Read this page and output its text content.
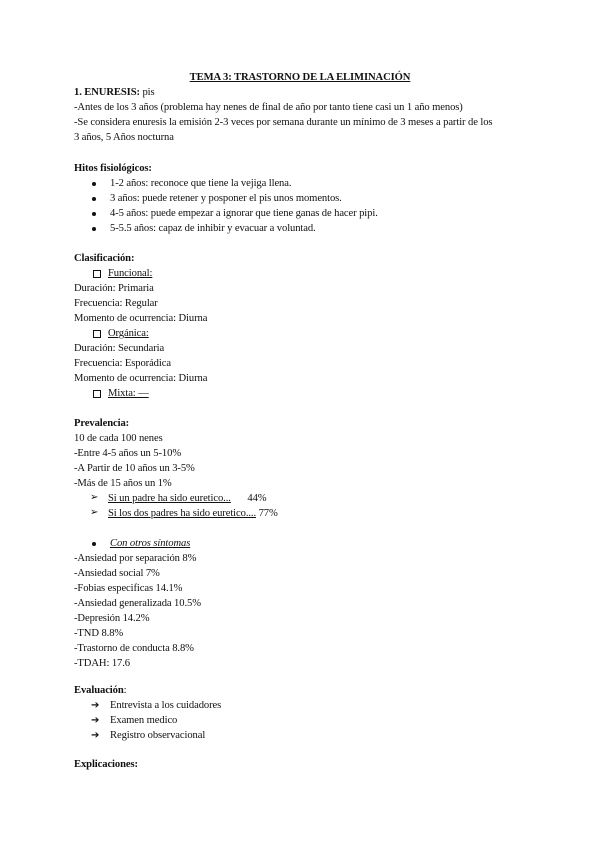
TEMA 3: TRASTORNO DE LA ELIMINACIÓN
1. ENURESIS: pis
-Antes de los 3 años (problema hay nenes de final de año por tanto tiene casi un 1 año menos)
-Se considera enuresis la emisión 2-3 veces por semana durante un mínimo de 3 meses a partir de los
3 años, 5 Años nocturna
Hitos fisiológicos:
1-2 años: reconoce que tiene la vejiga llena.
3 años: puede retener y posponer el pis unos momentos.
4-5 años: puede empezar a ignorar que tiene ganas de hacer pipi.
5-5.5 años: capaz de inhibir y evacuar a voluntad.
Clasificación:
Funcional:
Duración: Primaria
Frecuencia: Regular
Momento de ocurrencia: Diurna
Orgánica:
Duración: Secundaria
Frecuencia: Esporádica
Momento de ocurrencia: Diurna
Mixta: —
Prevalencia:
10 de cada 100 nenes
-Entre 4-5 años un 5-10%
-A Partir de 10 años un 3-5%
-Más de 15 años un 1%
➢ Si un padre ha sido euretico... 44%
➢ Si los dos padres ha sido euretico.... 77%
Con otros síntomas
-Ansiedad por separación 8%
-Ansiedad social 7%
-Fobias especificas 14.1%
-Ansiedad generalizada 10.5%
-Depresión 14.2%
-TND 8.8%
-Trastorno de conducta 8.8%
-TDAH: 17.6
Evaluación:
➔ Entrevista a los cuidadores
➔ Examen medico
➔ Registro observacional
Explicaciones:
